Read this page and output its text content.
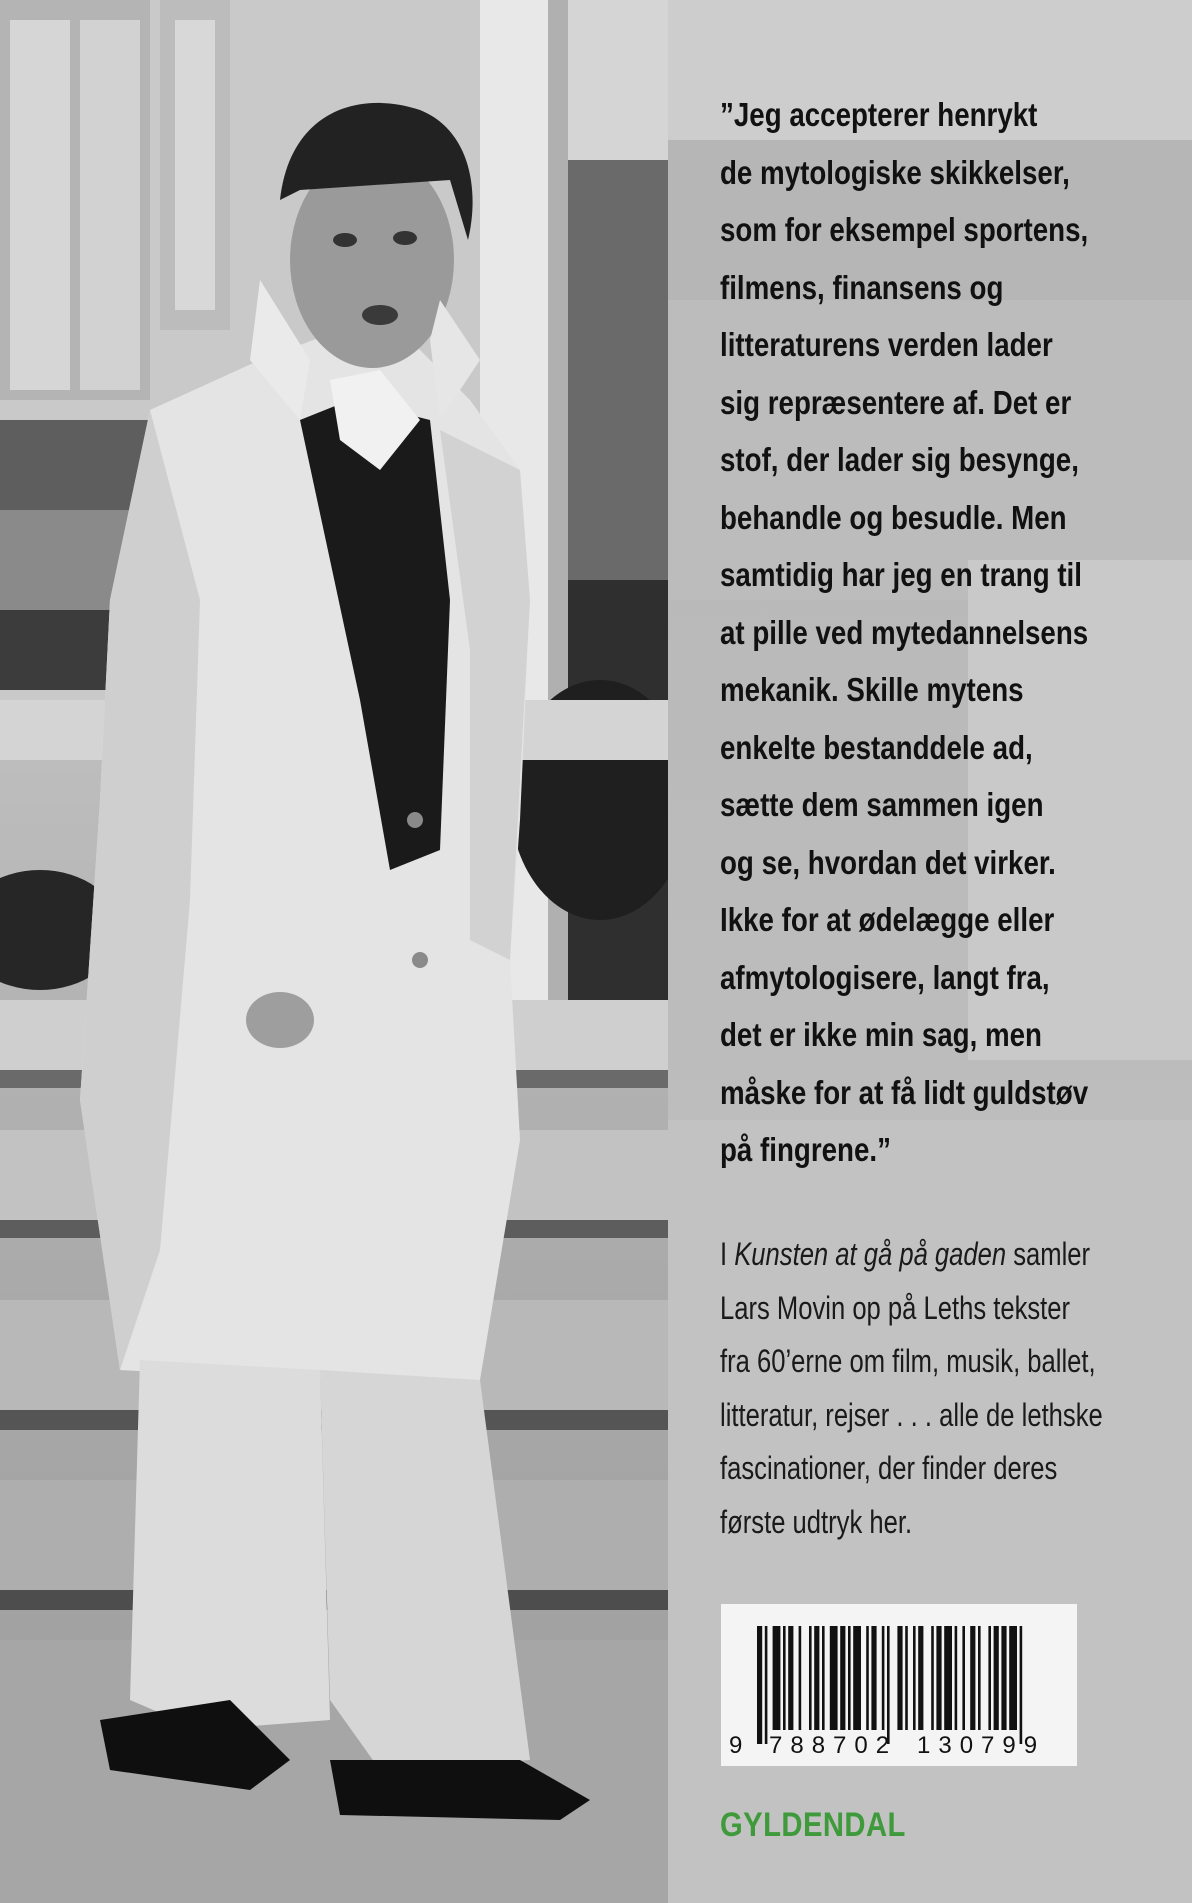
”Jeg accepterer henrykt
de mytologiske skikkelser,
som for eksempel sportens,
filmens, finansens og
litteraturens verden lader
sig repræsentere af. Det er
stof, der lader sig besynge,
behandle og besudle. Men
samtidig har jeg en trang til
at pille ved mytedannelsens
mekanik. Skille mytens
enkelte bestanddele ad,
sætte dem sammen igen
og se, hvordan det virker.
Ikke for at ødelægge eller
afmytologisere, langt fra,
det er ikke min sag, men
måske for at få lidt guldstøv
på fingrene.”

I Kunsten at gå på gaden samler
Lars Movin op på Leths tekster
fra 60’erne om film, musik, ballet,
litteratur, rejser . . . alle de lethske
fascinationer, der finder deres
første udtryk her.
9 788702 130799
GYLDENDAL
